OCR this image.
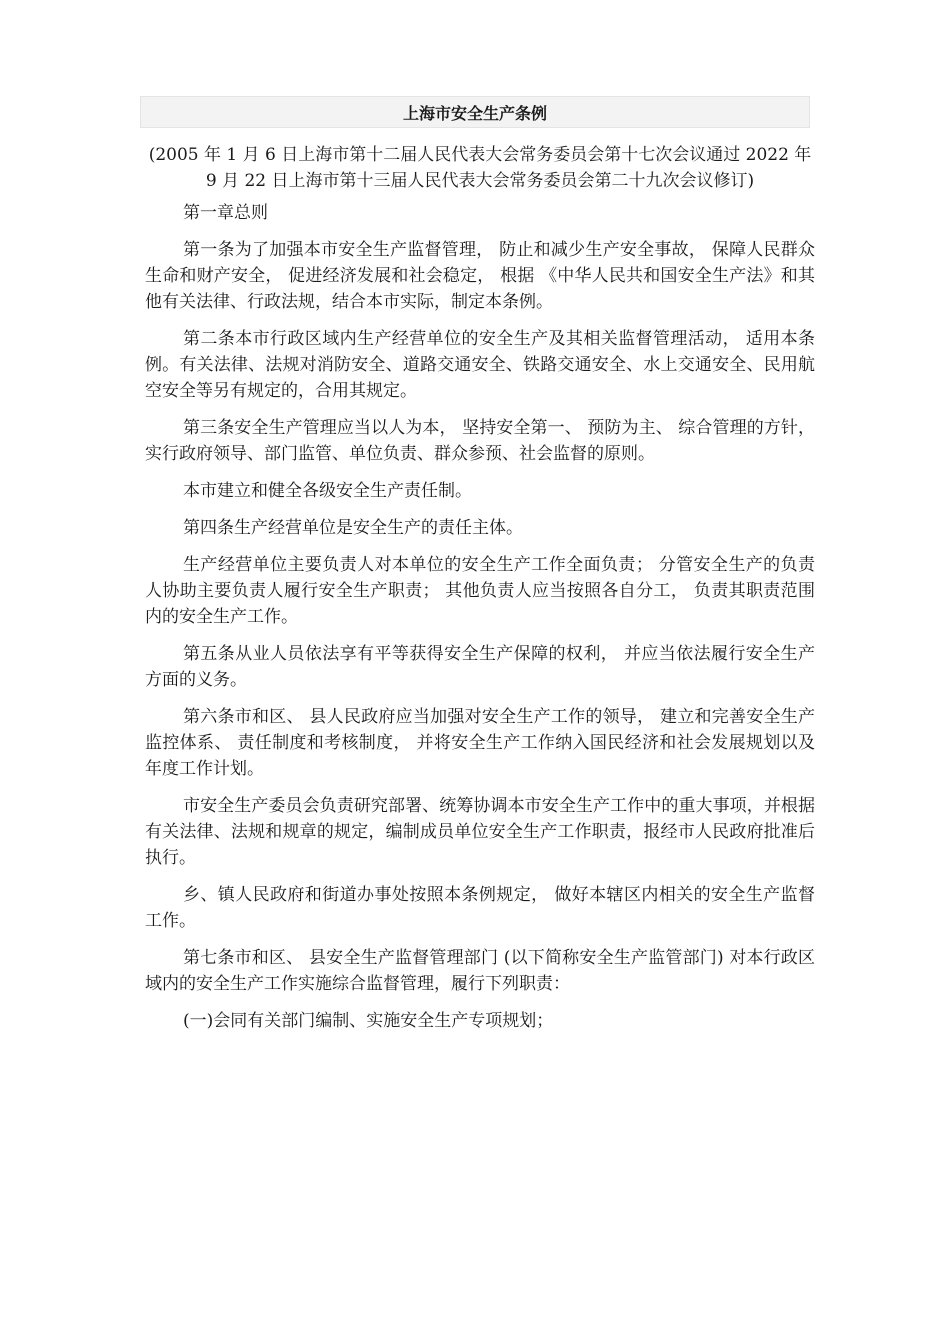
上海市安全生产条例

(2005 年 1 月 6 日上海市第十二届人民代表大会常务委员会第十七次会议通过 2022 年 9 月 22 日上海市第十三届人民代表大会常务委员会第二十九次会议修订)

第一章总则

第一条为了加强本市安全生产监督管理， 防止和减少生产安全事故， 保障人民群众生命和财产安全， 促进经济发展和社会稳定， 根据 《中华人民共和国安全生产法》和其他有关法律、行政法规，结合本市实际，制定本条例。

第二条本市行政区域内生产经营单位的安全生产及其相关监督管理活动， 适用本条例。有关法律、法规对消防安全、道路交通安全、铁路交通安全、水上交通安全、民用航空安全等另有规定的，合用其规定。

第三条安全生产管理应当以人为本， 坚持安全第一、 预防为主、 综合管理的方针，实行政府领导、部门监管、单位负责、群众参预、社会监督的原则。

本市建立和健全各级安全生产责任制。

第四条生产经营单位是安全生产的责任主体。

生产经营单位主要负责人对本单位的安全生产工作全面负责； 分管安全生产的负责人协助主要负责人履行安全生产职责； 其他负责人应当按照各自分工， 负责其职责范围内的安全生产工作。

第五条从业人员依法享有平等获得安全生产保障的权利， 并应当依法履行安全生产方面的义务。

第六条市和区、 县人民政府应当加强对安全生产工作的领导， 建立和完善安全生产监控体系、 责任制度和考核制度， 并将安全生产工作纳入国民经济和社会发展规划以及年度工作计划。

市安全生产委员会负责研究部署、统筹协调本市安全生产工作中的重大事项，并根据有关法律、法规和规章的规定，编制成员单位安全生产工作职责，报经市人民政府批准后执行。

乡、镇人民政府和街道办事处按照本条例规定， 做好本辖区内相关的安全生产监督工作。

第七条市和区、 县安全生产监督管理部门 (以下简称安全生产监管部门) 对本行政区域内的安全生产工作实施综合监督管理，履行下列职责：

(一)会同有关部门编制、实施安全生产专项规划；
